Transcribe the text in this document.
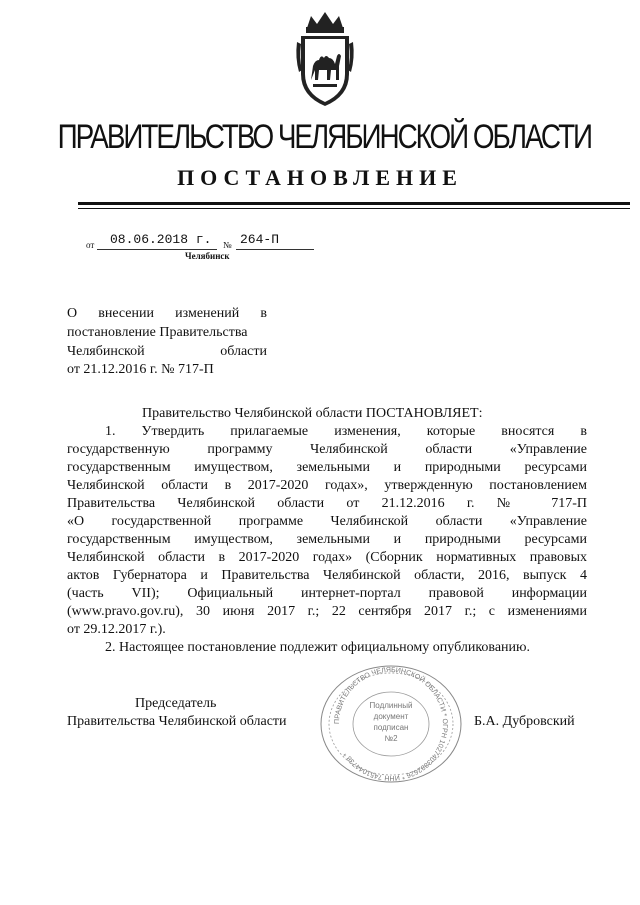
ПРАВИТЕЛЬСТВО ЧЕЛЯБИНСКОЙ ОБЛАСТИ
ПОСТАНОВЛЕНИЕ
от 08.06.2018 г. № 264-П
Челябинск
О внесении изменений в
постановление Правительства
Челябинской области
от 21.12.2016 г. № 717-П
Правительство Челябинской области ПОСТАНОВЛЯЕТ:
1. Утвердить прилагаемые изменения, которые вносятся в
государственную программу Челябинской области «Управление
государственным имуществом, земельными и природными ресурсами
Челябинской области в 2017-2020 годах», утвержденную постановлением
Правительства Челябинской области от 21.12.2016 г. № 717-П
«О государственной программе Челябинской области «Управление
государственным имуществом, земельными и природными ресурсами
Челябинской области в 2017-2020 годах» (Сборник нормативных правовых
актов Губернатора и Правительства Челябинской области, 2016, выпуск 4
(часть VII); Официальный интернет-портал правовой информации
(www.pravo.gov.ru), 30 июня 2017 г.; 22 сентября 2017 г.; с изменениями
от 29.12.2017 г.).
2. Настоящее постановление подлежит официальному опубликованию.
Председатель
Правительства Челябинской области	Б.А. Дубровский
ПРАВИТЕЛЬСТВО ЧЕЛЯБИНСКОЙ ОБЛАСТИ * ОГРН 1027403882626 * ИНН 7451044738 *
Подлинный
документ
подписан
№2
